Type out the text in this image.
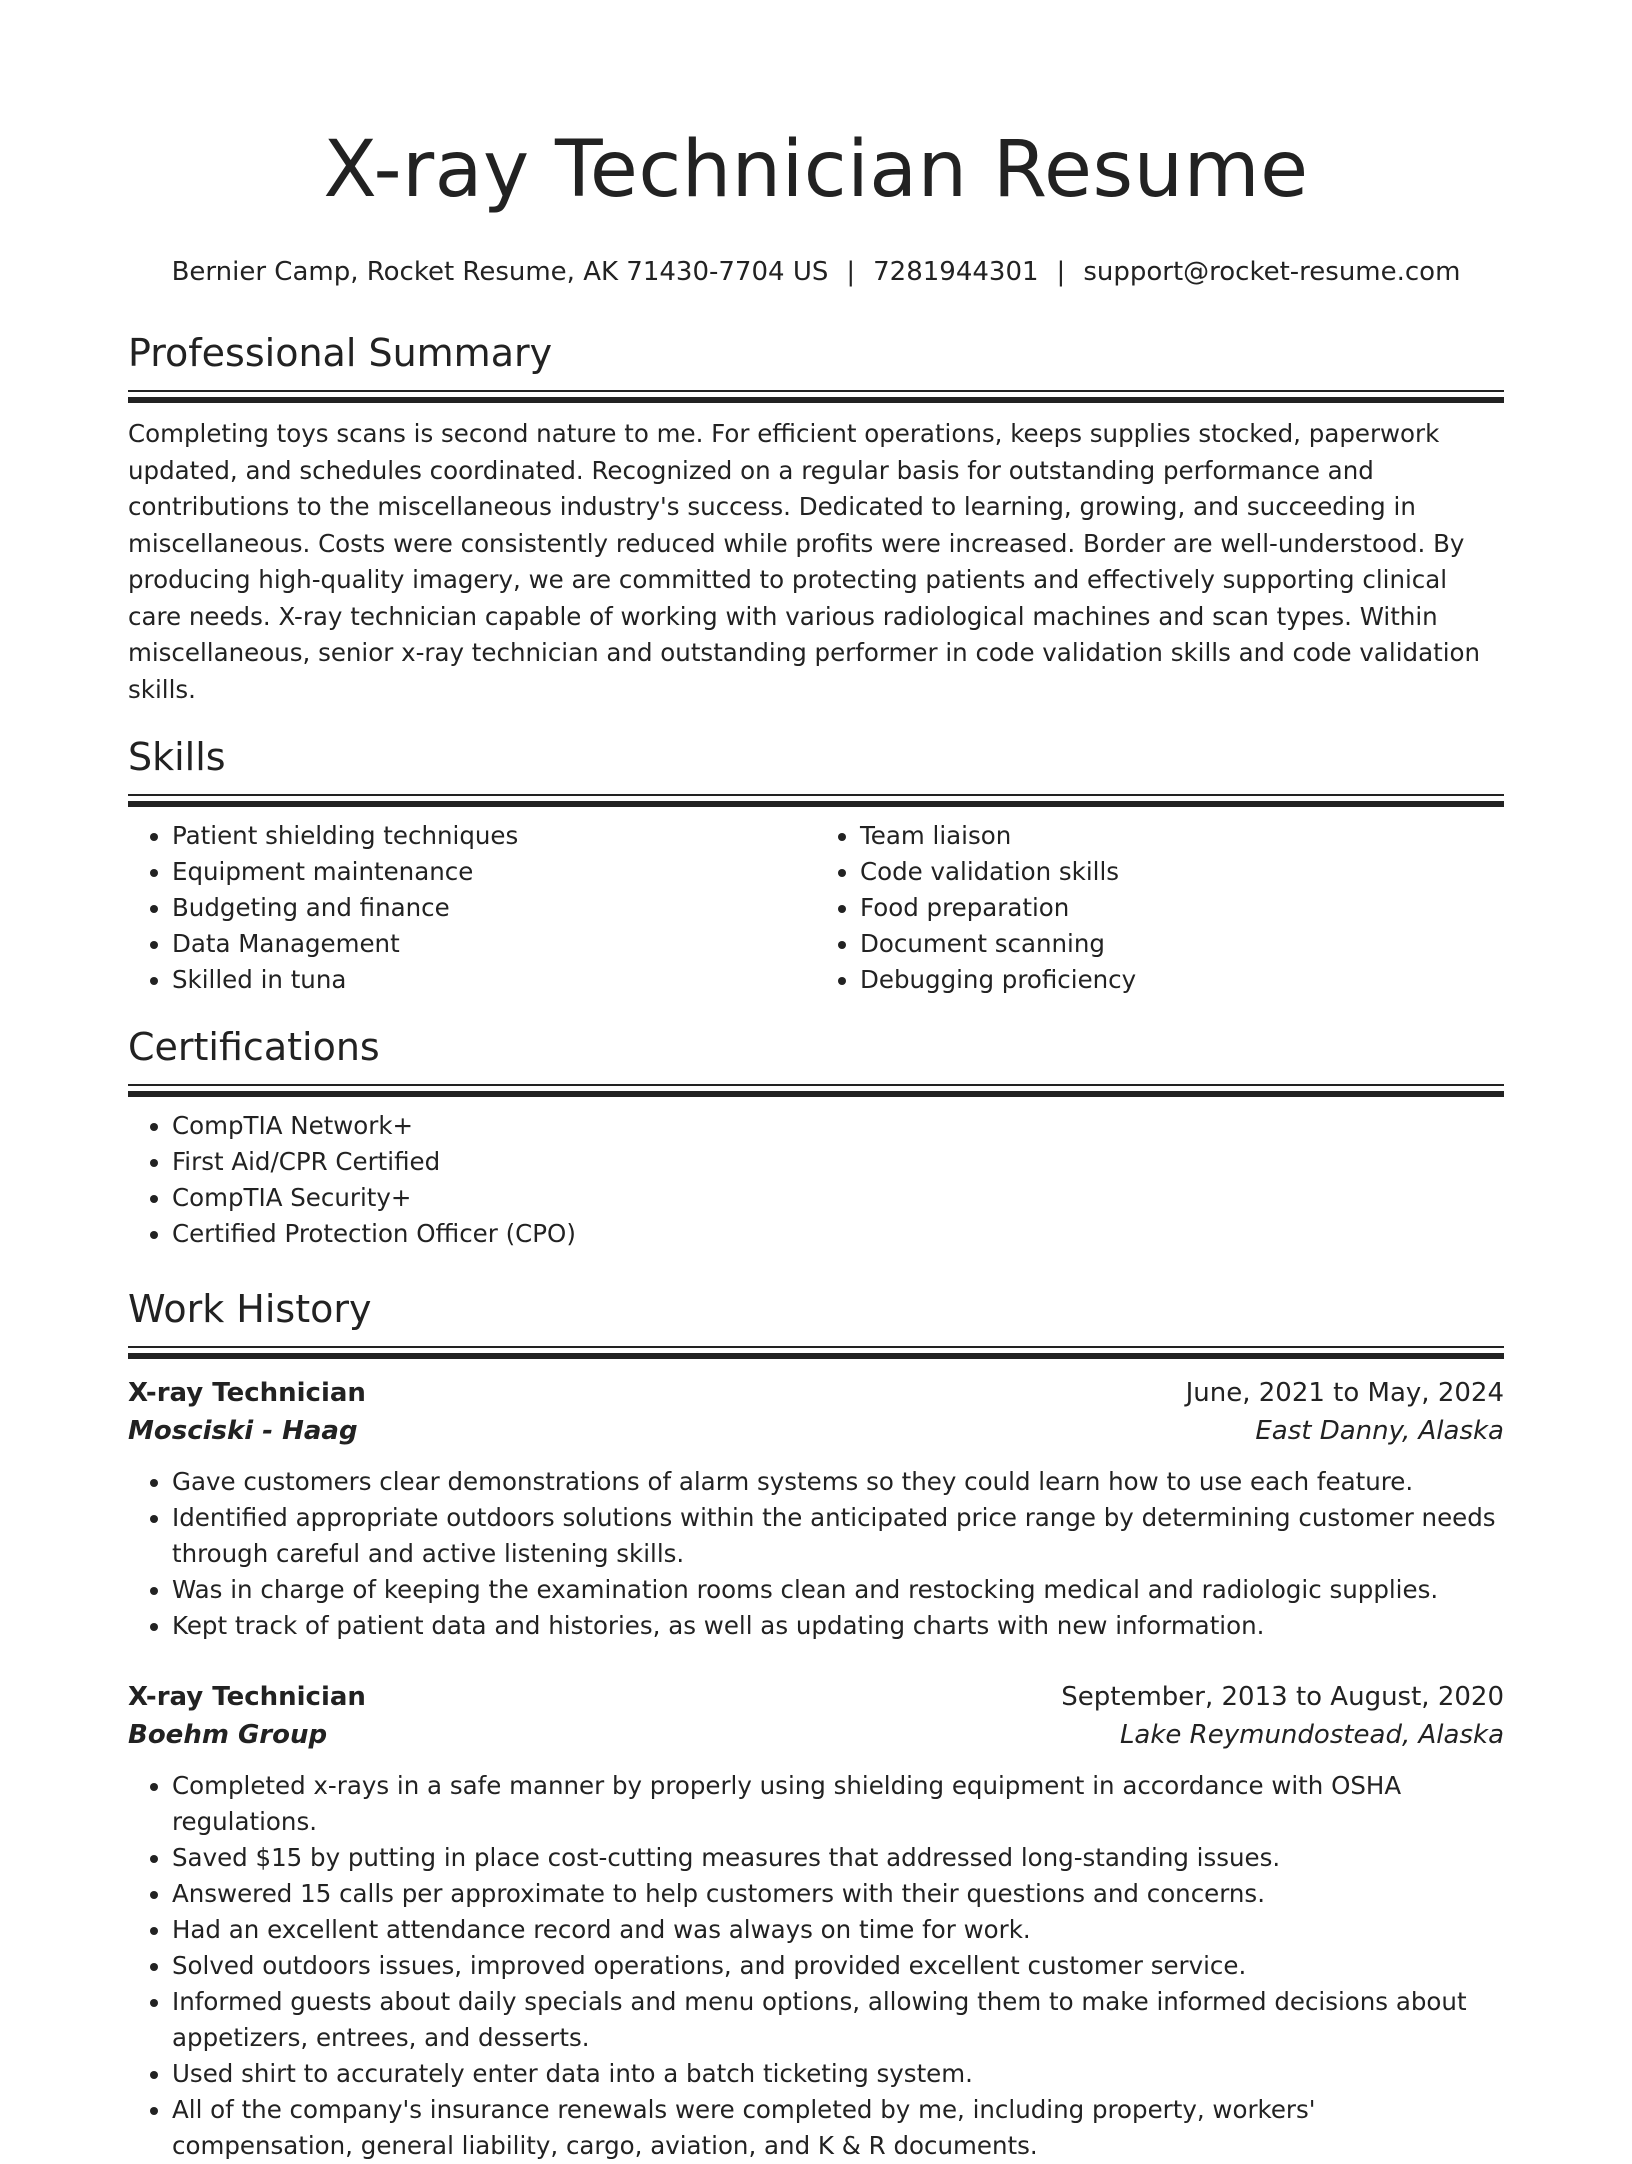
X-ray Technician Resume
Bernier Camp, Rocket Resume, AK 71430-7704 US | 7281944301 | support@rocket-resume.com
Professional Summary

Completing toys scans is second nature to me. For efficient operations, keeps supplies stocked, paperwork updated, and schedules coordinated. Recognized on a regular basis for outstanding performance and contributions to the miscellaneous industry's success. Dedicated to learning, growing, and succeeding in miscellaneous. Costs were consistently reduced while profits were increased. Border are well-understood. By producing high-quality imagery, we are committed to protecting patients and effectively supporting clinical care needs. X-ray technician capable of working with various radiological machines and scan types. Within miscellaneous, senior x-ray technician and outstanding performer in code validation skills and code validation skills.

Skills
• Patient shielding techniques
• Equipment maintenance
• Budgeting and finance
• Data Management
• Skilled in tuna
• Team liaison
• Code validation skills
• Food preparation
• Document scanning
• Debugging proficiency
Certifications
• CompTIA Network+
• First Aid/CPR Certified
• CompTIA Security+
• Certified Protection Officer (CPO)
Work History
X-ray Technician	June, 2021 to May, 2024
Mosciski - Haag	East Danny, Alaska
• Gave customers clear demonstrations of alarm systems so they could learn how to use each feature.
• Identified appropriate outdoors solutions within the anticipated price range by determining customer needs through careful and active listening skills.
• Was in charge of keeping the examination rooms clean and restocking medical and radiologic supplies.
• Kept track of patient data and histories, as well as updating charts with new information.
X-ray Technician	September, 2013 to August, 2020
Boehm Group	Lake Reymundostead, Alaska
• Completed x-rays in a safe manner by properly using shielding equipment in accordance with OSHA regulations.
• Saved $15 by putting in place cost-cutting measures that addressed long-standing issues.
• Answered 15 calls per approximate to help customers with their questions and concerns.
• Had an excellent attendance record and was always on time for work.
• Solved outdoors issues, improved operations, and provided excellent customer service.
• Informed guests about daily specials and menu options, allowing them to make informed decisions about appetizers, entrees, and desserts.
• Used shirt to accurately enter data into a batch ticketing system.
• All of the company's insurance renewals were completed by me, including property, workers' compensation, general liability, cargo, aviation, and K & R documents.
